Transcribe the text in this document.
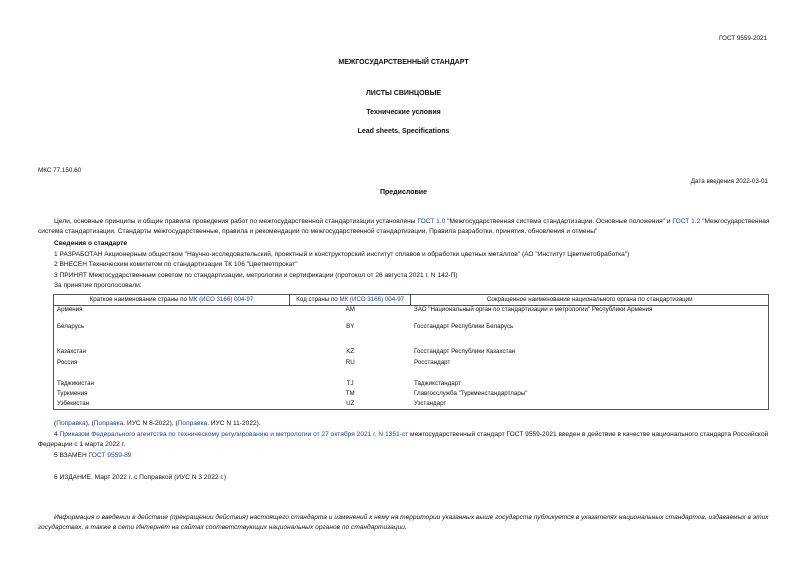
ГОСТ 9559-2021
МЕЖГОСУДАРСТВЕННЫЙ СТАНДАРТ
ЛИСТЫ СВИНЦОВЫЕ
Технические условия
Lead sheets. Specifications
МКС 77.150.60
Дата введения 2022-03-01
Предисловие
Цели, основные принципы и общие правила проведения работ по межгосударственной стандартизации установлены ГОСТ 1.0 "Межгосударственная система стандартизации. Основные положения" и ГОСТ 1.2 "Межгосударственная система стандартизации. Стандарты межгосударственные, правила и рекомендации по межгосударственной стандартизации. Правила разработки, принятия, обновления и отмены"
Сведения о стандарте
1 РАЗРАБОТАН Акционерным обществом "Научно-исследовательский, проектный и конструкторский институт сплавов и обработки цветных металлов" (АО "Институт Цветметобработка")
2 ВНЕСЕН Техническим комитетом по стандартизации ТК 106 "Цветметпрокат"
3 ПРИНЯТ Межгосударственным советом по стандартизации, метрологии и сертификации (протокол от 26 августа 2021 г. N 142-П)
За принятие проголосовали:
Краткое наименование страны по МК (ИСО 3166) 004-97	Код страны по МК (ИСО 3166) 004-97	Сокращенное наименование национального органа по стандартизации
Армения	AM	ЗАО "Национальный орган по стандартизации и метрологии" Республики Армения
Беларусь	BY	Госстандарт Республики Беларусь
Казахстан	KZ	Госстандарт Республики Казахстан
Россия	RU	Росстандарт
Таджикистан	TJ	Таджикстандарт
Туркмения	TM	Главгосслужба "Туркменстандартлары"
Узбекистан	UZ	Узстандарт
(Поправка), (Поправка. ИУС N 8-2022), (Поправка. ИУС N 11-2022).
4 Приказом Федерального агентства по техническому регулированию и метрологии от 27 октября 2021 г. N 1351-ст межгосударственный стандарт ГОСТ 9559-2021 введен в действие в качестве национального стандарта Российской Федерации с 1 марта 2022 г.
5 ВЗАМЕН ГОСТ 9559-89
6 ИЗДАНИЕ. Март 2022 г. с Поправкой (ИУС N 3 2022 г.)
Информация о введении в действие (прекращении действия) настоящего стандарта и изменений к нему на территории указанных выше государств публикуется в указателях национальных стандартов, издаваемых в этих государствах, а также в сети Интернет на сайтах соответствующих национальных органов по стандартизации.
